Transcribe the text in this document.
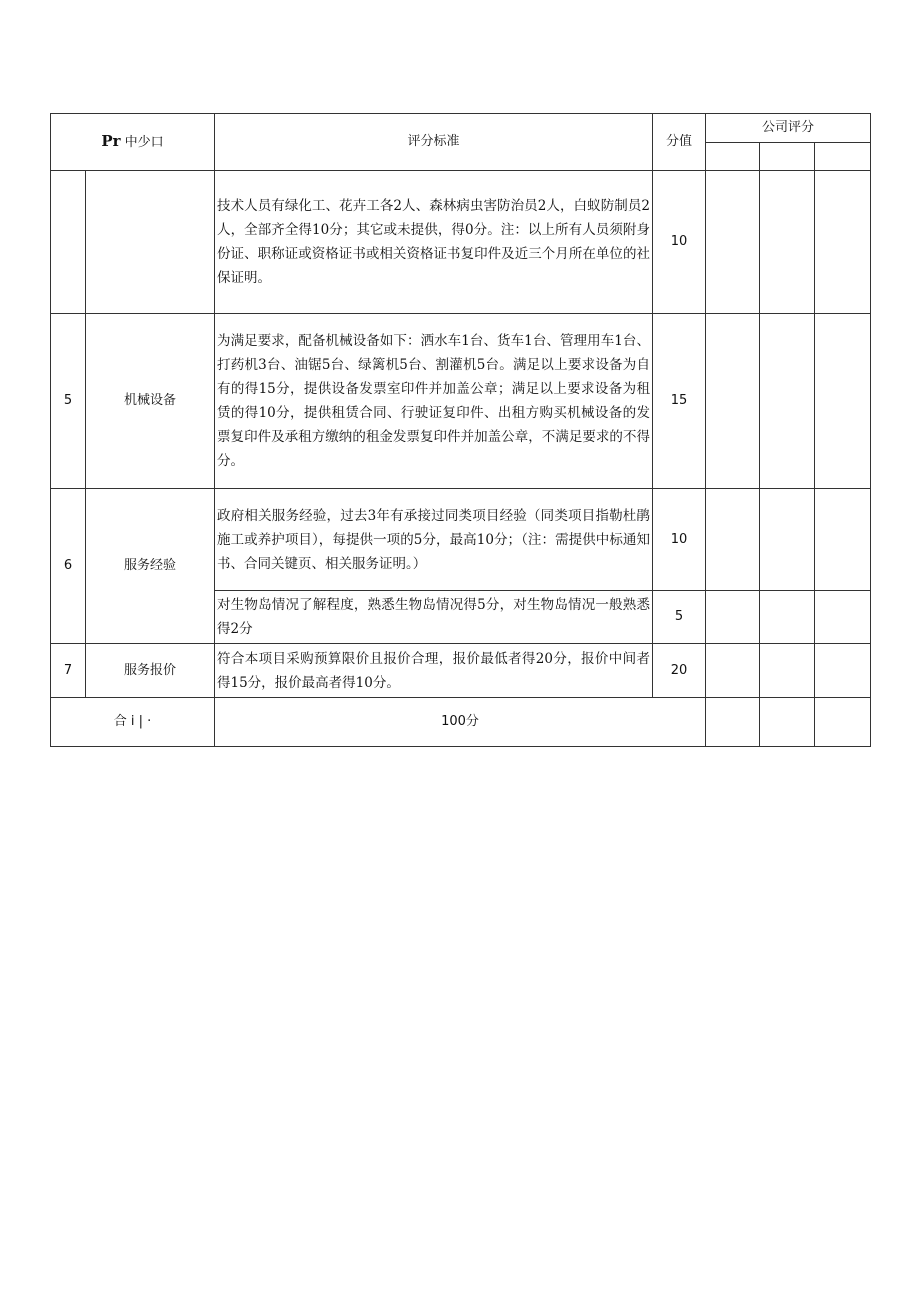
Pr 中少口		评分标准	分值	公司评分		

		技术人员有绿化工、花卉工各2人、森林病虫害防治员2人，白蚁防制员2人，全部齐全得10分；其它或未提供，得0分。注：以上所有人员须附身份证、职称证或资格证书或相关资格证书复印件及近三个月所在单位的社保证明。	10			
5	机械设备	为满足要求，配备机械设备如下：洒水车1台、货车1台、管理用车1台、打药机3台、油锯5台、绿篱机5台、割灌机5台。满足以上要求设备为自有的得15分，提供设备发票室印件并加盖公章；满足以上要求设备为租赁的得10分，提供租赁合同、行驶证复印件、出租方购买机械设备的发票复印件及承租方缴纳的租金发票复印件并加盖公章，不满足要求的不得分。	15			
6	服务经验	政府相关服务经验，过去3年有承接过同类项目经验（同类项目指勒杜鹃施工或养护项目），每提供一项的5分，最高10分；（注：需提供中标通知书、合同关键页、相关服务证明。）	10			
		对生物岛情况了解程度，熟悉生物岛情况得5分，对生物岛情况一般熟悉得2分	5			
7	服务报价	符合本项目采购预算限价且报价合理，报价最低者得20分，报价中间者得15分，报价最高者得10分。	20			
合 i | ·		100分				
